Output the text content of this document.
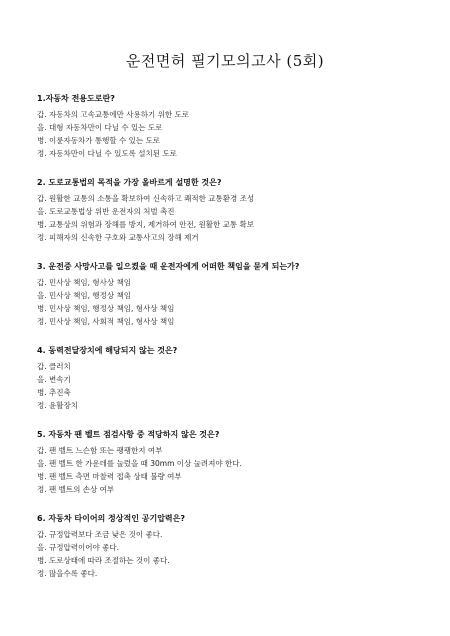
운전면허 필기모의고사 (5회)
1.자동차 전용도로란?
갑. 자동차의 고속교통에만 사용하기 위한 도로
을. 대형 자동차만이 다닐 수 있는 도로
병. 이륜자동차가 통행할 수 있는 도로
정. 자동차만이 다닐 수 있도록 설치된 도로
2. 도로교통법의 목적을 가장 올바르게 설명한 것은?
갑. 원활한 교통의 소통을 확보하여 신속하고 쾌적한 교통환경 조성
을. 도로교통법상 위반 운전자의 처벌 촉진
병. 교통상의 위험과 장해를 방지, 제거하여 안전, 원활한 교통 확보
정. 피해자의 신속한 구호와 교통사고의 장해 제거
3. 운전중 사망사고를 일으켰을 때 운전자에게 어떠한 책임을 묻게 되는가?
갑. 민사상 책임, 형사상 책임
을. 민사상 책임, 행정상 책임
병. 민사상 책임, 행정상 책임, 형사상 책임
정. 민사상 책임, 사회적 책임, 형사상 책임
4. 동력전달장치에 해당되지 않는 것은?
갑. 클러치
을. 변속기
병. 추진축
정. 윤활장치
5. 자동차 팬 벨트 점검사항 중 적당하지 않은 것은?
갑. 팬 벨트 느슨함 또는 팽팽한지 여부
을. 팬 벨트 한 가운데를 눌렀을 때 30mm 이상 눌려져야 한다.
병. 팬 벨트 측면 마찰력 접촉 상태 불량 여부
정. 팬 벨트의 손상 여부
6. 자동차 타이어의 정상적인 공기압력은?
갑. 규정압력보다 조금 낮은 것이 좋다.
을. 규정압력이어야 좋다.
병. 도로상태에 따라 조절하는 것이 좋다.
정. 많을수록 좋다.
